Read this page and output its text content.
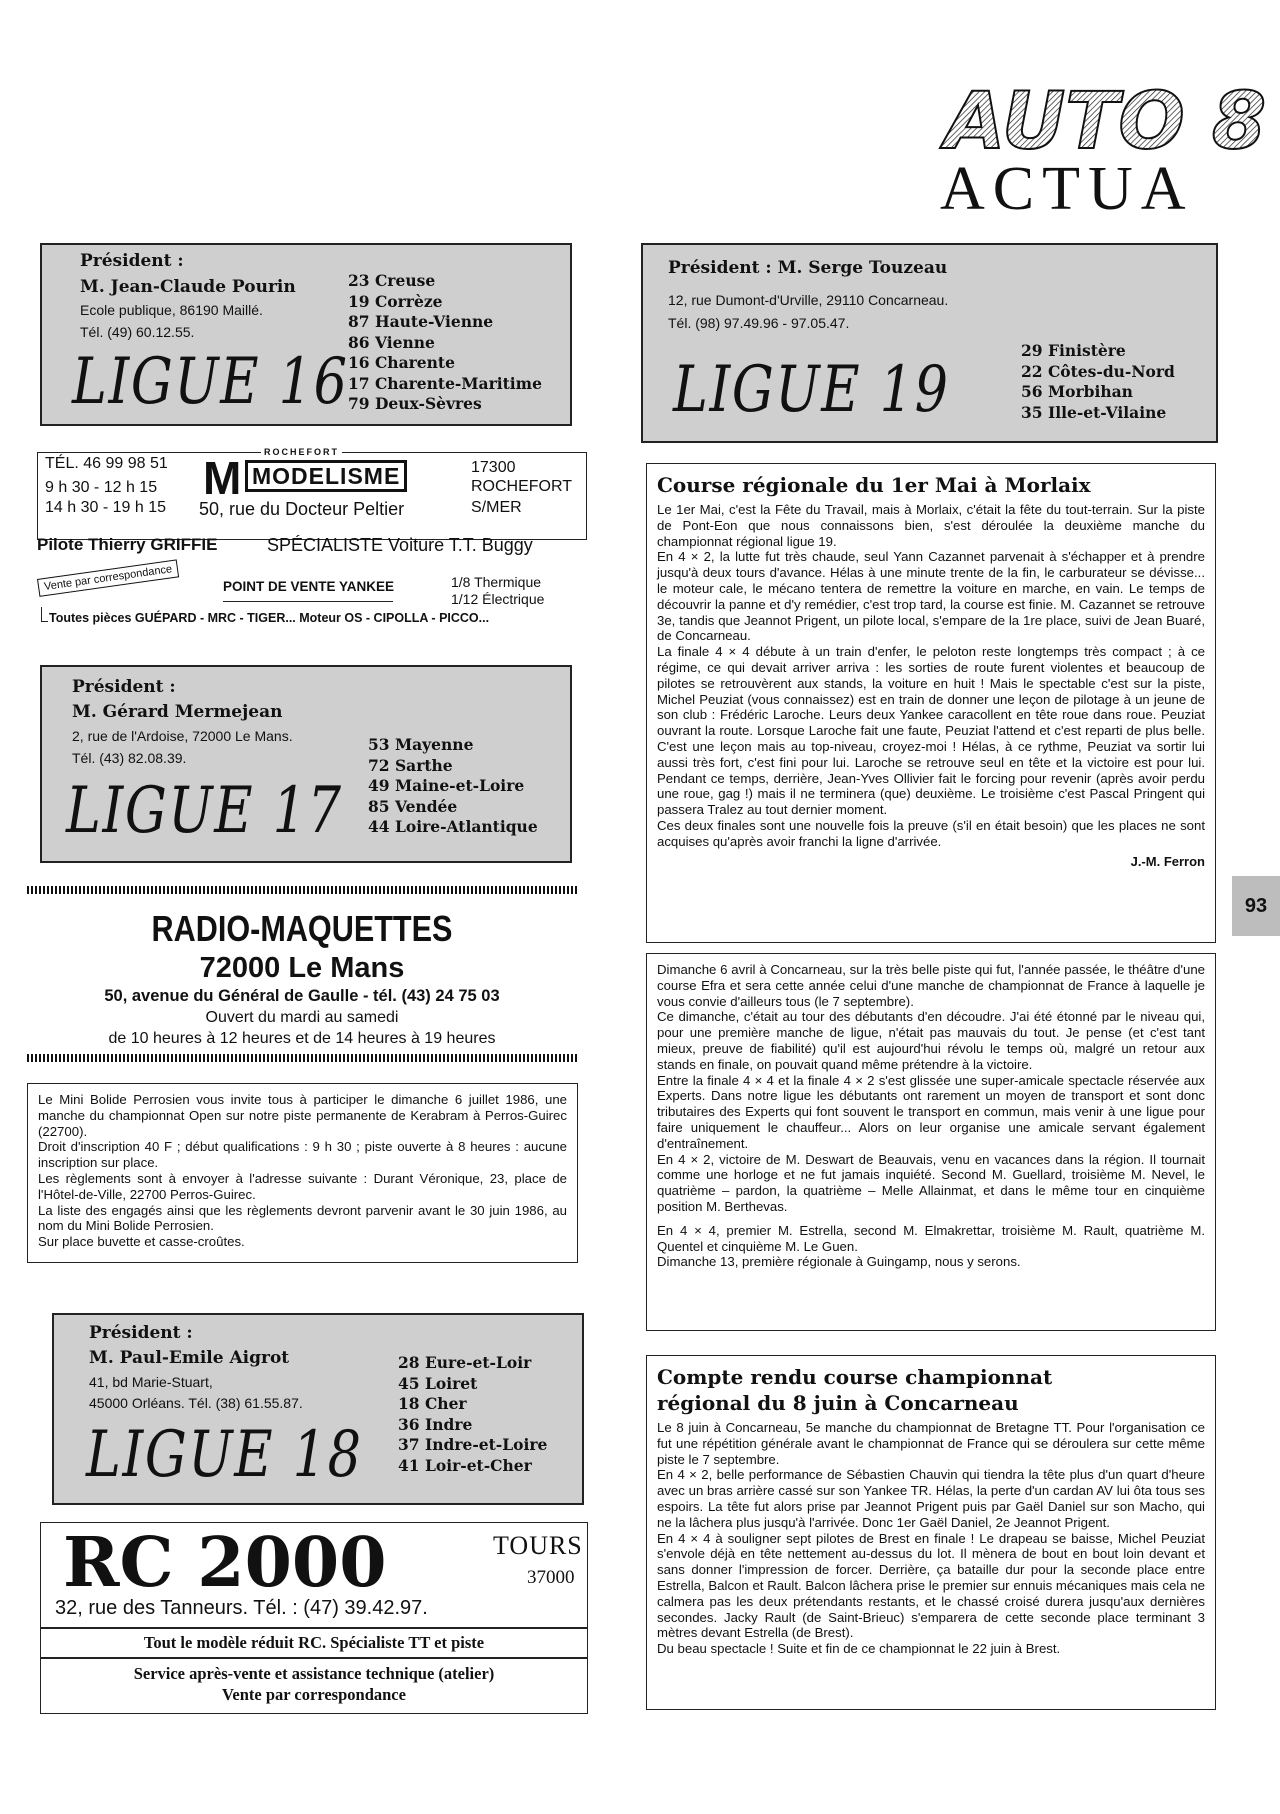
AUTO 8
ACTUA
Président :
M. Jean-Claude Pourin
Ecole publique, 86190 Maillé.
Tél. (49) 60.12.55.
LIGUE 16
23 Creuse
19 Corrèze
87 Haute-Vienne
86 Vienne
16 Charente
17 Charente-Maritime
79 Deux-Sèvres
TÉL. 46 99 98 51
9 h 30 - 12 h 15
14 h 30 - 19 h 15
ROCHEFORT
M MODELISME
50, rue du Docteur Peltier
17300
ROCHEFORT
S/MER
Pilote Thierry GRIFFIE	SPÉCIALISTE Voiture T.T. Buggy
Vente par correspondance	POINT DE VENTE YANKEE	1/8 Thermique
1/12 Électrique
Toutes pièces GUÉPARD - MRC - TIGER... Moteur OS - CIPOLLA - PICCO...
Président :
M. Gérard Mermejean
2, rue de l'Ardoise, 72000 Le Mans.
Tél. (43) 82.08.39.
LIGUE 17
53 Mayenne
72 Sarthe
49 Maine-et-Loire
85 Vendée
44 Loire-Atlantique
RADIO-MAQUETTES
72000 Le Mans
50, avenue du Général de Gaulle - tél. (43) 24 75 03
Ouvert du mardi au samedi
de 10 heures à 12 heures et de 14 heures à 19 heures

Le Mini Bolide Perrosien vous invite tous à participer le dimanche 6 juillet 1986, une manche du championnat Open sur notre piste permanente de Kerabram à Perros-Guirec (22700).

Droit d'inscription 40 F ; début qualifications : 9 h 30 ; piste ouverte à 8 heures : aucune inscription sur place.

Les règlements sont à envoyer à l'adresse suivante : Durant Véronique, 23, place de l'Hôtel-de-Ville, 22700 Perros-Guirec.

La liste des engagés ainsi que les règlements devront parvenir avant le 30 juin 1986, au nom du Mini Bolide Perrosien.

Sur place buvette et casse-croûtes.

Président :
M. Paul-Emile Aigrot
41, bd Marie-Stuart,
45000 Orléans. Tél. (38) 61.55.87.
LIGUE 18
28 Eure-et-Loir
45 Loiret
18 Cher
36 Indre
37 Indre-et-Loire
41 Loir-et-Cher
RC 2000	TOURS
37000
32, rue des Tanneurs. Tél. : (47) 39.42.97.
Tout le modèle réduit RC. Spécialiste TT et piste
Service après-vente et assistance technique (atelier)
Vente par correspondance
Président : M. Serge Touzeau
12, rue Dumont-d'Urville, 29110 Concarneau.
Tél. (98) 97.49.96 - 97.05.47.
LIGUE 19
29 Finistère
22 Côtes-du-Nord
56 Morbihan
35 Ille-et-Vilaine
Course régionale du 1er Mai à Morlaix

Le 1er Mai, c'est la Fête du Travail, mais à Morlaix, c'était la fête du tout-terrain. Sur la piste de Pont-Eon que nous connaissons bien, s'est déroulée la deuxième manche du championnat régional ligue 19.

En 4 × 2, la lutte fut très chaude, seul Yann Cazannet parvenait à s'échapper et à prendre jusqu'à deux tours d'avance. Hélas à une minute trente de la fin, le carburateur se dévisse... le moteur cale, le mécano tentera de remettre la voiture en marche, en vain. Le temps de découvrir la panne et d'y remédier, c'est trop tard, la course est finie. M. Cazannet se retrouve 3e, tandis que Jeannot Prigent, un pilote local, s'empare de la 1re place, suivi de Jean Buaré, de Concarneau.

La finale 4 × 4 débute à un train d'enfer, le peloton reste longtemps très compact ; à ce régime, ce qui devait arriver arriva : les sorties de route furent violentes et beaucoup de pilotes se retrouvèrent aux stands, la voiture en huit ! Mais le spectable c'est sur la piste, Michel Peuziat (vous connaissez) est en train de donner une leçon de pilotage à un jeune de son club : Frédéric Laroche. Leurs deux Yankee caracollent en tête roue dans roue. Peuziat ouvrant la route. Lorsque Laroche fait une faute, Peuziat l'attend et c'est reparti de plus belle. C'est une leçon mais au top-niveau, croyez-moi ! Hélas, à ce rythme, Peuziat va sortir lui aussi très fort, c'est fini pour lui. Laroche se retrouve seul en tête et la victoire est pour lui. Pendant ce temps, derrière, Jean-Yves Ollivier fait le forcing pour revenir (après avoir perdu une roue, gag !) mais il ne terminera (que) deuxième. Le troisième c'est Pascal Pringent qui passera Tralez au tout dernier moment.

Ces deux finales sont une nouvelle fois la preuve (s'il en était besoin) que les places ne sont acquises qu'après avoir franchi la ligne d'arrivée.

J.-M. Ferron
93

Dimanche 6 avril à Concarneau, sur la très belle piste qui fut, l'année passée, le théâtre d'une course Efra et sera cette année celui d'une manche de championnat de France à laquelle je vous convie d'ailleurs tous (le 7 septembre).

Ce dimanche, c'était au tour des débutants d'en découdre. J'ai été étonné par le niveau qui, pour une première manche de ligue, n'était pas mauvais du tout. Je pense (et c'est tant mieux, preuve de fiabilité) qu'il est aujourd'hui révolu le temps où, malgré un retour aux stands en finale, on pouvait quand même prétendre à la victoire.

Entre la finale 4 × 4 et la finale 4 × 2 s'est glissée une super-amicale spectacle réservée aux Experts. Dans notre ligue les débutants ont rarement un moyen de transport et sont donc tributaires des Experts qui font souvent le transport en commun, mais venir à une ligue pour faire uniquement le chauffeur... Alors on leur organise une amicale servant également d'entraînement.

En 4 × 2, victoire de M. Deswart de Beauvais, venu en vacances dans la région. Il tournait comme une horloge et ne fut jamais inquiété. Second M. Guellard, troisième M. Nevel, le quatrième – pardon, la quatrième – Melle Allainmat, et dans le même tour en cinquième position M. Berthevas.

En 4 × 4, premier M. Estrella, second M. Elmakrettar, troisième M. Rault, quatrième M. Quentel et cinquième M. Le Guen.

Dimanche 13, première régionale à Guingamp, nous y serons.

Compte rendu course championnat régional du 8 juin à Concarneau

Le 8 juin à Concarneau, 5e manche du championnat de Bretagne TT. Pour l'organisation ce fut une répétition générale avant le championnat de France qui se déroulera sur cette même piste le 7 septembre.

En 4 × 2, belle performance de Sébastien Chauvin qui tiendra la tête plus d'un quart d'heure avec un bras arrière cassé sur son Yankee TR. Hélas, la perte d'un cardan AV lui ôta tous ses espoirs. La tête fut alors prise par Jeannot Prigent puis par Gaël Daniel sur son Macho, qui ne la lâchera plus jusqu'à l'arrivée. Donc 1er Gaël Daniel, 2e Jeannot Prigent.

En 4 × 4 à souligner sept pilotes de Brest en finale ! Le drapeau se baisse, Michel Peuziat s'envole déjà en tête nettement au-dessus du lot. Il mènera de bout en bout loin devant et sans donner l'impression de forcer. Derrière, ça bataille dur pour la seconde place entre Estrella, Balcon et Rault. Balcon lâchera prise le premier sur ennuis mécaniques mais cela ne calmera pas les deux prétendants restants, et le chassé croisé durera jusqu'aux dernières secondes. Jacky Rault (de Saint-Brieuc) s'emparera de cette seconde place terminant 3 mètres devant Estrella (de Brest).

Du beau spectacle ! Suite et fin de ce championnat le 22 juin à Brest.
